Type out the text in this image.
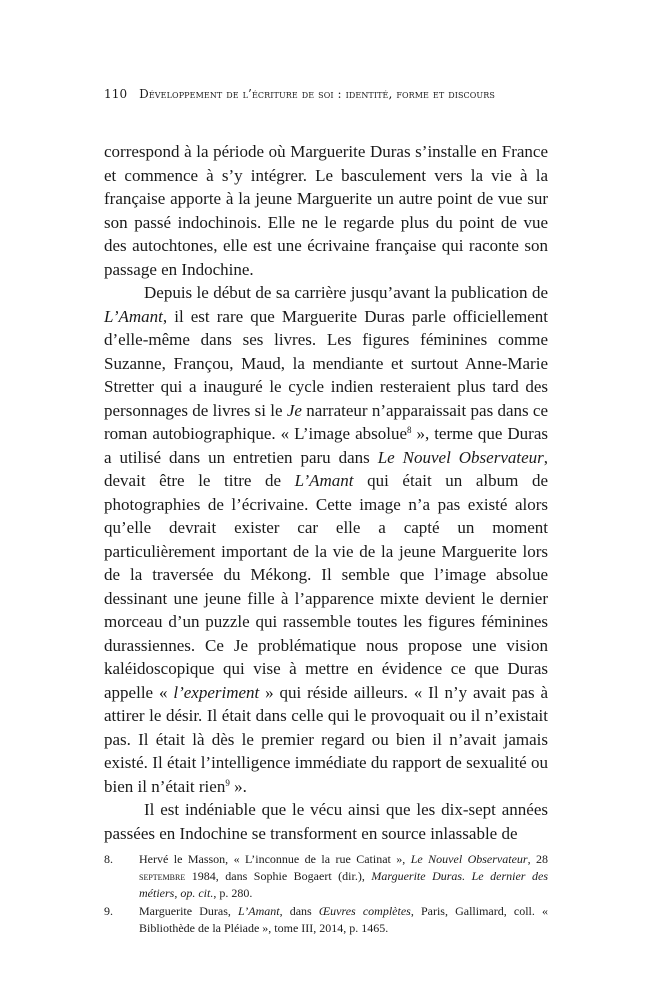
110 Développement de l’écriture de soi : identité, forme et discours

correspond à la période où Marguerite Duras s’installe en France et commence à s’y intégrer. Le basculement vers la vie à la française apporte à la jeune Marguerite un autre point de vue sur son passé indochinois. Elle ne le regarde plus du point de vue des autochtones, elle est une écrivaine française qui raconte son passage en Indochine.

Depuis le début de sa carrière jusqu’avant la publication de L’Amant, il est rare que Marguerite Duras parle officiellement d’elle-même dans ses livres. Les figures féminines comme Suzanne, Françou, Maud, la mendiante et surtout Anne-Marie Stretter qui a inauguré le cycle indien resteraient plus tard des personnages de livres si le Je narrateur n’apparaissait pas dans ce roman autobiographique. « L’image absolue$^8$ », terme que Duras a utilisé dans un entretien paru dans Le Nouvel Observateur, devait être le titre de L’Amant qui était un album de photographies de l’écrivaine. Cette image n’a pas existé alors qu’elle devrait exister car elle a capté un moment particulièrement important de la vie de la jeune Marguerite lors de la traversée du Mékong. Il semble que l’image absolue dessinant une jeune fille à l’apparence mixte devient le dernier morceau d’un puzzle qui rassemble toutes les figures féminines durassiennes. Ce Je problématique nous propose une vision kaléidoscopique qui vise à mettre en évidence ce que Duras appelle « l’experiment » qui réside ailleurs. « Il n’y avait pas à attirer le désir. Il était dans celle qui le provoquait ou il n’existait pas. Il était là dès le premier regard ou bien il n’avait jamais existé. Il était l’intelligence immédiate du rapport de sexualité ou bien il n’était rien$^9$ ».

Il est indéniable que le vécu ainsi que les dix-sept années passées en Indochine se transforment en source inlassable de

8.	Hervé le Masson, « L’inconnue de la rue Catinat », Le Nouvel Observateur, 28 septembre 1984, dans Sophie Bogaert (dir.), Marguerite Duras. Le dernier des métiers, op. cit., p. 280.
9.	Marguerite Duras, L’Amant, dans Œuvres complètes, Paris, Gallimard, coll. « Bibliothède de la Pléiade », tome III, 2014, p. 1465.
